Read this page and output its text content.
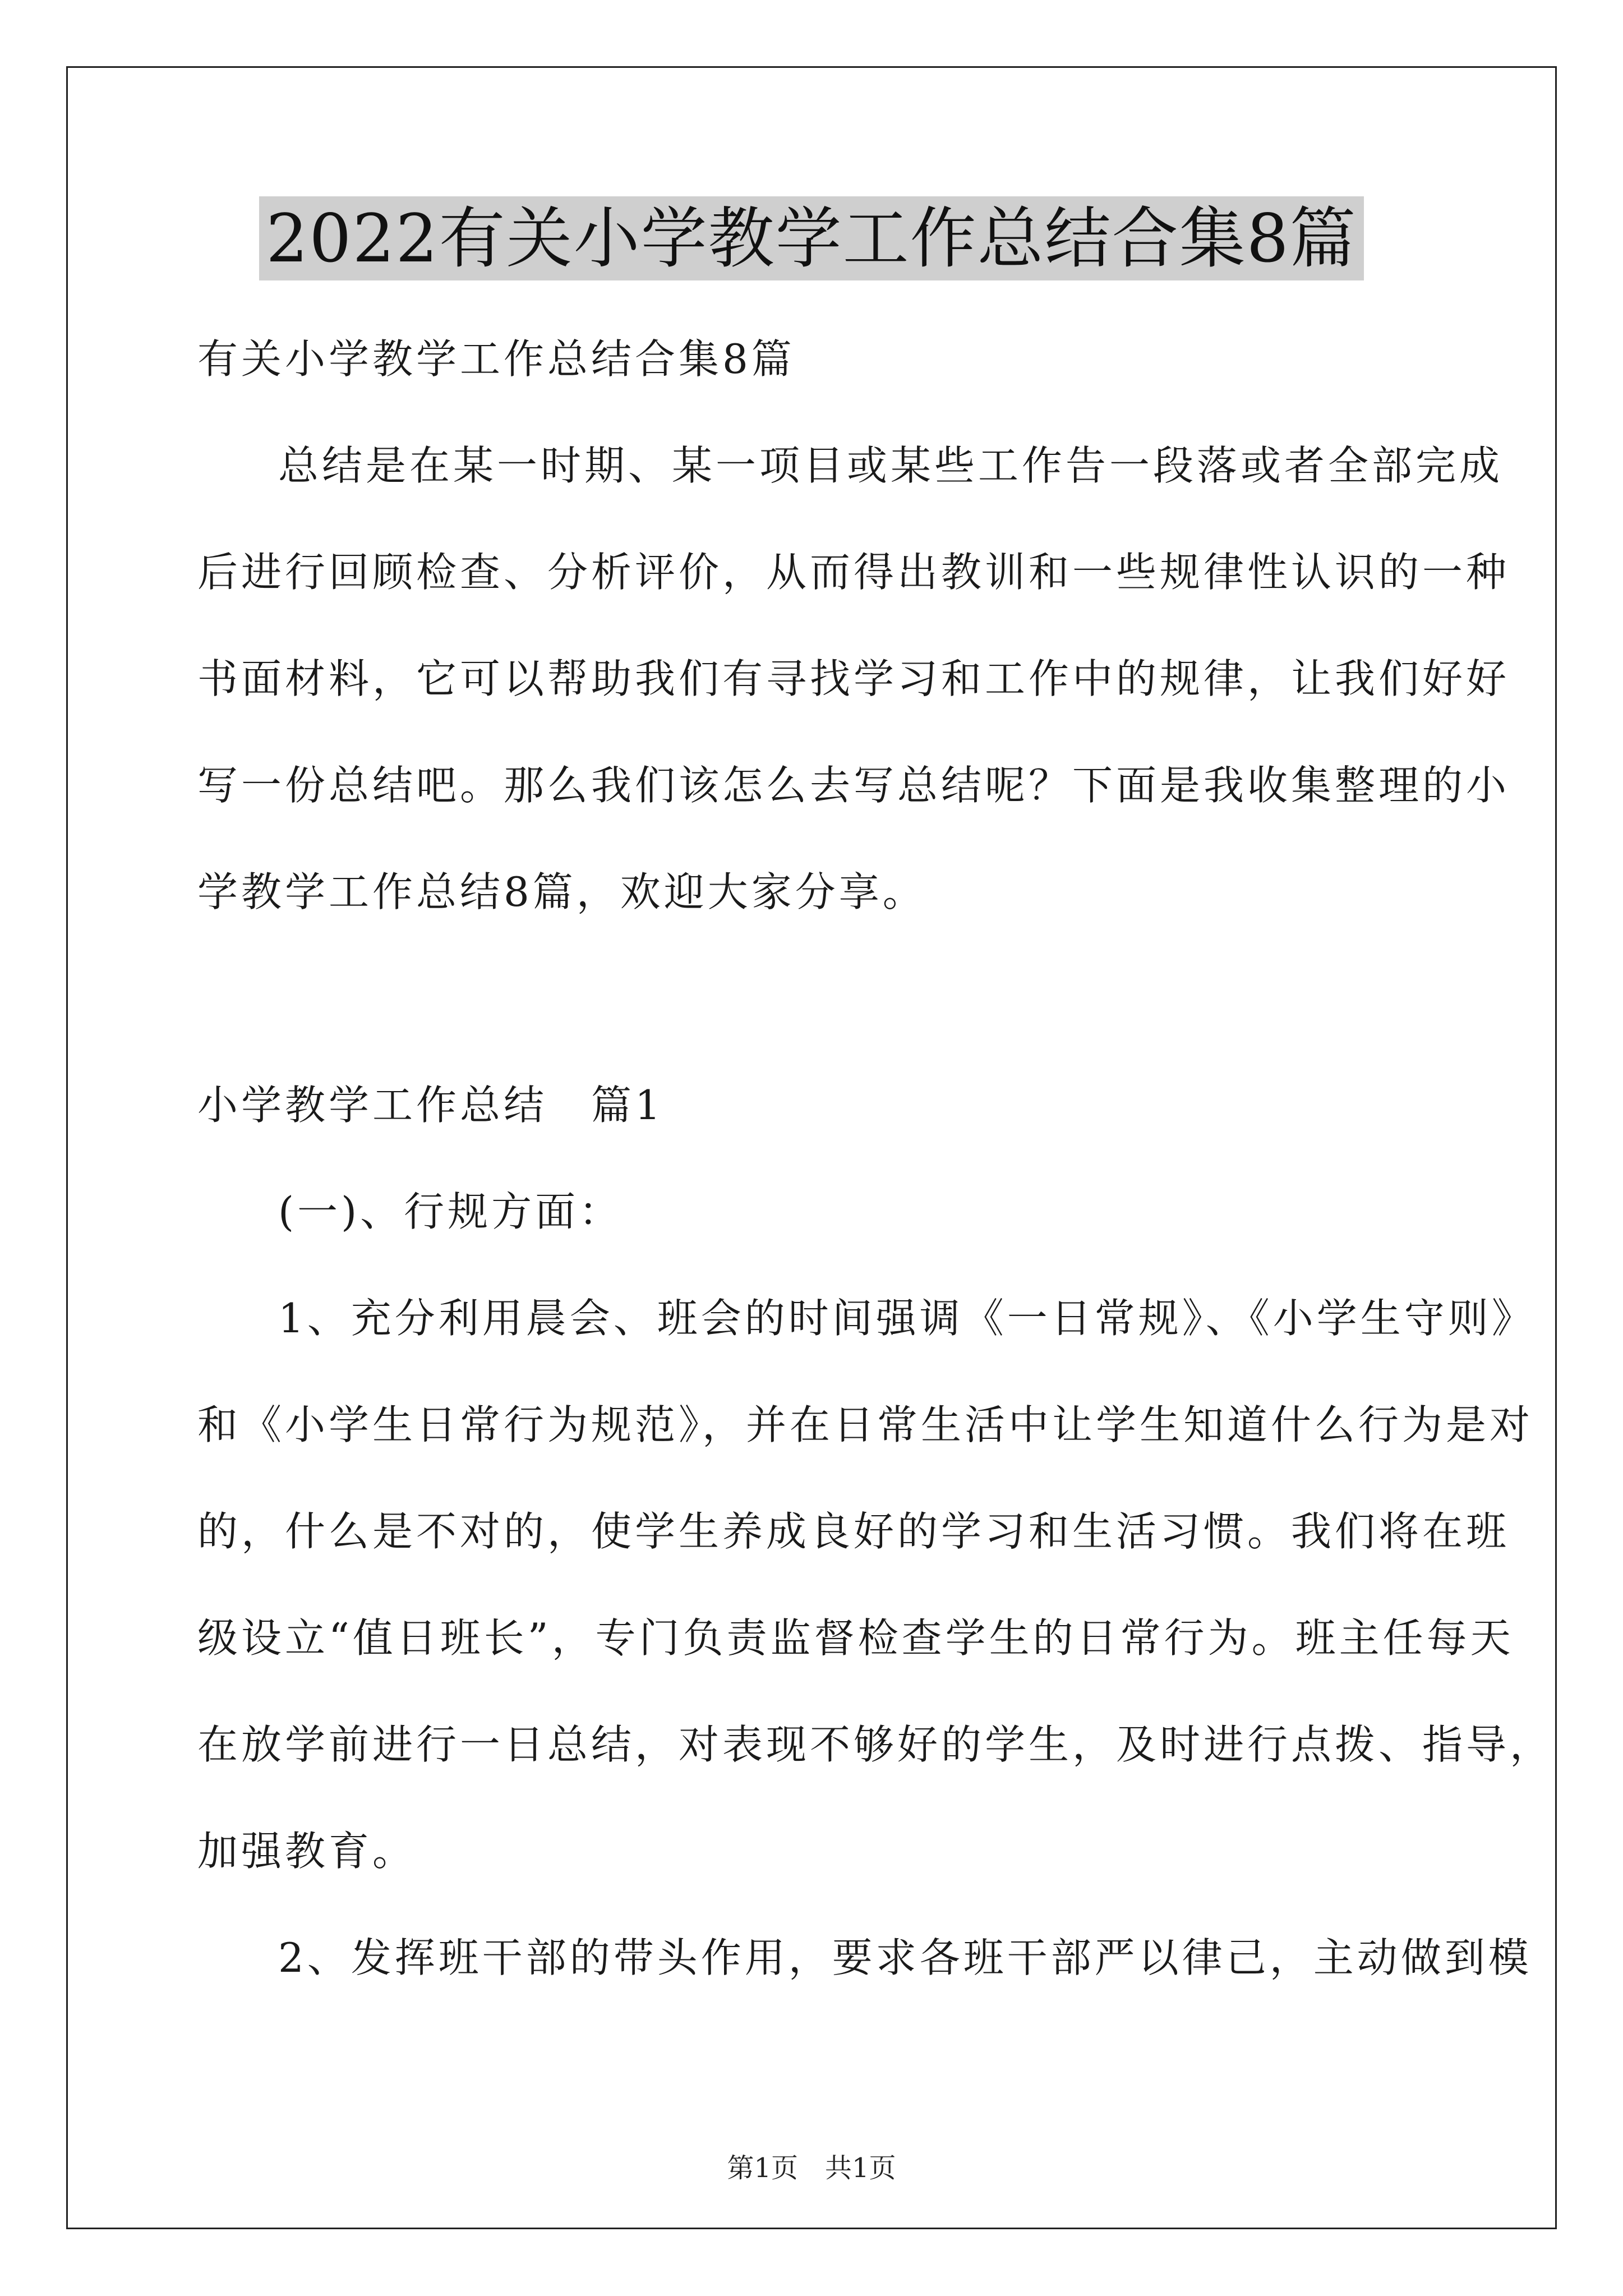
2022有关小学教学工作总结合集8篇
有关小学教学工作总结合集8篇
总结是在某一时期、某一项目或某些工作告一段落或者全部完成
后进行回顾检查、分析评价，从而得出教训和一些规律性认识的一种
书面材料，它可以帮助我们有寻找学习和工作中的规律，让我们好好
写一份总结吧。那么我们该怎么去写总结呢？下面是我收集整理的小
学教学工作总结8篇，欢迎大家分享。
小学教学工作总结　篇1
(一)、行规方面：
1、充分利用晨会、班会的时间强调《一日常规》、《小学生守则》
和《小学生日常行为规范》，并在日常生活中让学生知道什么行为是对
的，什么是不对的，使学生养成良好的学习和生活习惯。我们将在班
级设立“值日班长”，专门负责监督检查学生的日常行为。班主任每天
在放学前进行一日总结，对表现不够好的学生，及时进行点拨、指导，
加强教育。
2、发挥班干部的带头作用，要求各班干部严以律己，主动做到模
第1页　共1页
